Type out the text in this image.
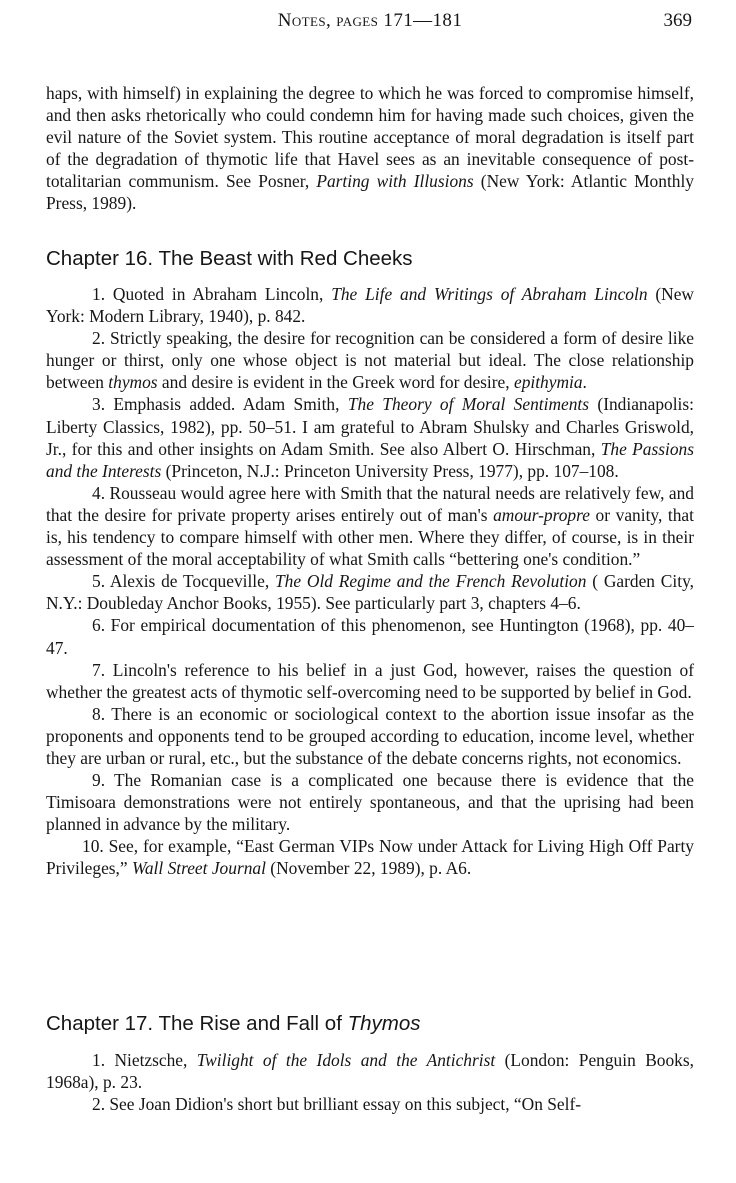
Notes, pages 171—181	369

haps, with himself) in explaining the degree to which he was forced to compromise himself, and then asks rhetorically who could condemn him for having made such choices, given the evil nature of the Soviet system. This routine acceptance of moral degradation is itself part of the degradation of thymotic life that Havel sees as an inevitable consequence of post-totalitarian communism. See Posner, Parting with Illusions (New York: Atlantic Monthly Press, 1989).

Chapter 16. The Beast with Red Cheeks

1. Quoted in Abraham Lincoln, The Life and Writings of Abraham Lincoln (New York: Modern Library, 1940), p. 842.

2. Strictly speaking, the desire for recognition can be considered a form of desire like hunger or thirst, only one whose object is not material but ideal. The close relationship between thymos and desire is evident in the Greek word for desire, epithymia.

3. Emphasis added. Adam Smith, The Theory of Moral Sentiments (Indianapolis: Liberty Classics, 1982), pp. 50–51. I am grateful to Abram Shulsky and Charles Griswold, Jr., for this and other insights on Adam Smith. See also Albert O. Hirschman, The Passions and the Interests (Princeton, N.J.: Princeton University Press, 1977), pp. 107–108.

4. Rousseau would agree here with Smith that the natural needs are relatively few, and that the desire for private property arises entirely out of man's amour-propre or vanity, that is, his tendency to compare himself with other men. Where they differ, of course, is in their assessment of the moral acceptability of what Smith calls “bettering one's condition.”

5. Alexis de Tocqueville, The Old Regime and the French Revolution ( Garden City, N.Y.: Doubleday Anchor Books, 1955). See particularly part 3, chapters 4–6.

6. For empirical documentation of this phenomenon, see Huntington (1968), pp. 40–47.

7. Lincoln's reference to his belief in a just God, however, raises the question of whether the greatest acts of thymotic self-overcoming need to be supported by belief in God.

8. There is an economic or sociological context to the abortion issue insofar as the proponents and opponents tend to be grouped according to education, income level, whether they are urban or rural, etc., but the substance of the debate concerns rights, not economics.

9. The Romanian case is a complicated one because there is evidence that the Timisoara demonstrations were not entirely spontaneous, and that the uprising had been planned in advance by the military.

10. See, for example, “East German VIPs Now under Attack for Living High Off Party Privileges,” Wall Street Journal (November 22, 1989), p. A6.

Chapter 17. The Rise and Fall of Thymos

1. Nietzsche, Twilight of the Idols and the Antichrist (London: Penguin Books, 1968a), p. 23.

2. See Joan Didion's short but brilliant essay on this subject, “On Self-
